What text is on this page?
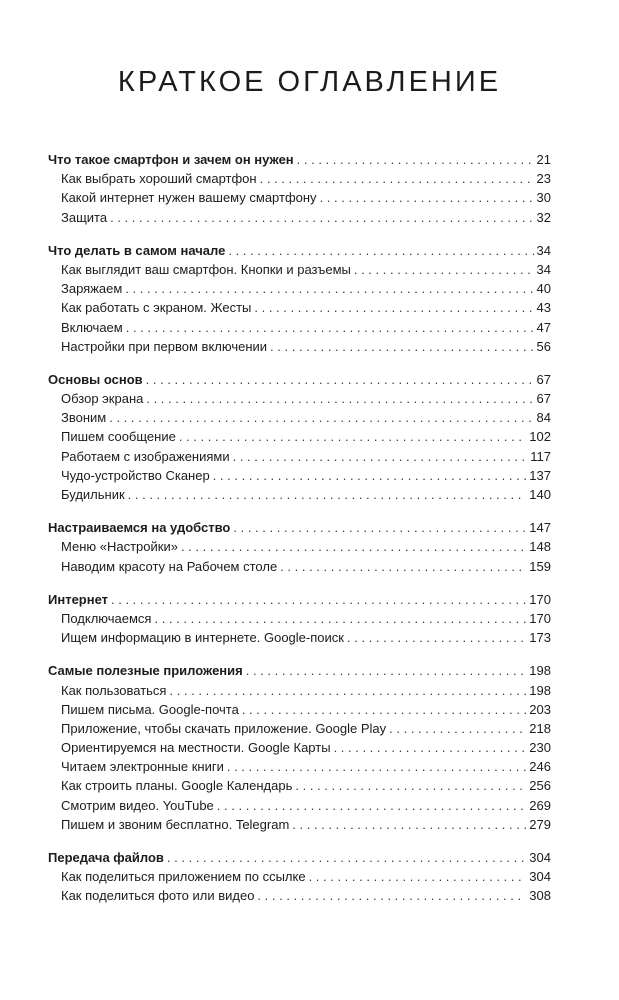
КРАТКОЕ ОГЛАВЛЕНИЕ
Что такое смартфон и зачем он нужен . . .	21
Как выбрать хороший смартфон . . .	23
Какой интернет нужен вашему смартфону . . .	30
Защита . . .	32
Что делать в самом начале . . .	34
Как выглядит ваш смартфон. Кнопки и разъемы . . .	34
Заряжаем . . .	40
Как работать с экраном. Жесты . . .	43
Включаем . . .	47
Настройки при первом включении . . .	56
Основы основ . . .	67
Обзор экрана . . .	67
Звоним . . .	84
Пишем сообщение . . .	102
Работаем с изображениями . . .	117
Чудо-устройство Сканер . . .	137
Будильник . . .	140
Настраиваемся на удобство . . .	147
Меню «Настройки» . . .	148
Наводим красоту на Рабочем столе . . .	159
Интернет . . .	170
Подключаемся . . .	170
Ищем информацию в интернете. Google-поиск . . .	173
Самые полезные приложения . . .	198
Как пользоваться . . .	198
Пишем письма. Google-почта . . .	203
Приложение, чтобы скачать приложение. Google Play . . .	218
Ориентируемся на местности. Google Карты . . .	230
Читаем электронные книги . . .	246
Как строить планы. Google Календарь . . .	256
Смотрим видео. YouTube . . .	269
Пишем и звоним бесплатно. Telegram . . .	279
Передача файлов . . .	304
Как поделиться приложением по ссылке . . .	304
Как поделиться фото или видео . . .	308
